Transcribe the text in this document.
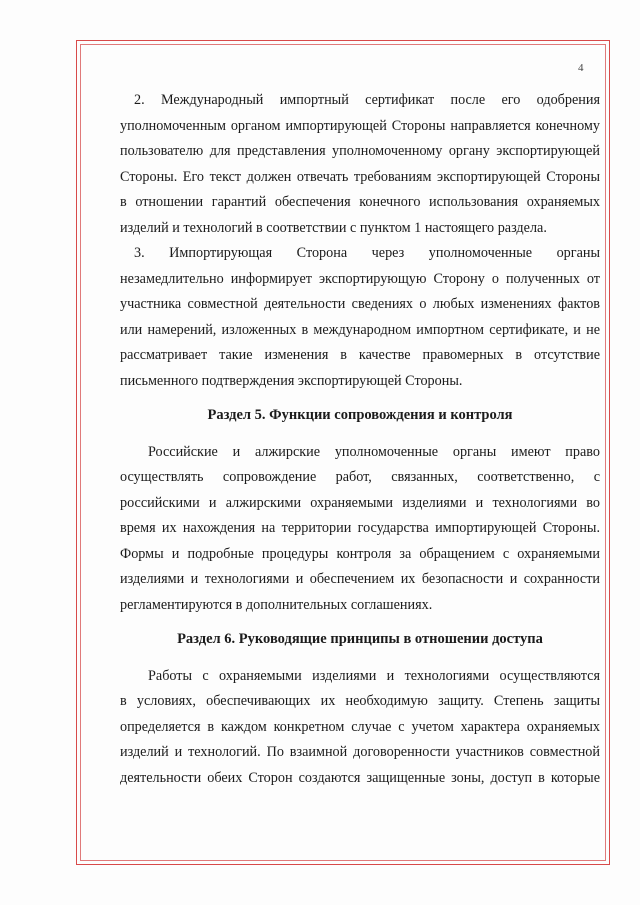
4
2. Международный импортный сертификат после его одобрения
уполномоченным органом импортирующей Стороны направляется конечному
пользователю для представления уполномоченному органу экспортирующей
Стороны. Его текст должен отвечать требованиям экспортирующей Стороны
в отношении гарантий обеспечения конечного использования охраняемых
изделий и технологий в соответствии с пунктом 1 настоящего раздела.
3. Импортирующая Сторона через уполномоченные органы
незамедлительно информирует экспортирующую Сторону о полученных от
участника совместной деятельности сведениях о любых изменениях фактов
или намерений, изложенных в международном импортном сертификате, и не
рассматривает такие изменения в качестве правомерных в отсутствие
письменного подтверждения экспортирующей Стороны.
Раздел 5. Функции сопровождения и контроля
Российские и алжирские уполномоченные органы имеют право
осуществлять сопровождение работ, связанных, соответственно, с
российскими и алжирскими охраняемыми изделиями и технологиями во
время их нахождения на территории государства импортирующей Стороны.
Формы и подробные процедуры контроля за обращением с охраняемыми
изделиями и технологиями и обеспечением их безопасности и сохранности
регламентируются в дополнительных соглашениях.
Раздел 6. Руководящие принципы в отношении доступа
Работы с охраняемыми изделиями и технологиями осуществляются
в условиях, обеспечивающих их необходимую защиту. Степень защиты
определяется в каждом конкретном случае с учетом характера охраняемых
изделий и технологий. По взаимной договоренности участников совместной
деятельности обеих Сторон создаются защищенные зоны, доступ в которые
